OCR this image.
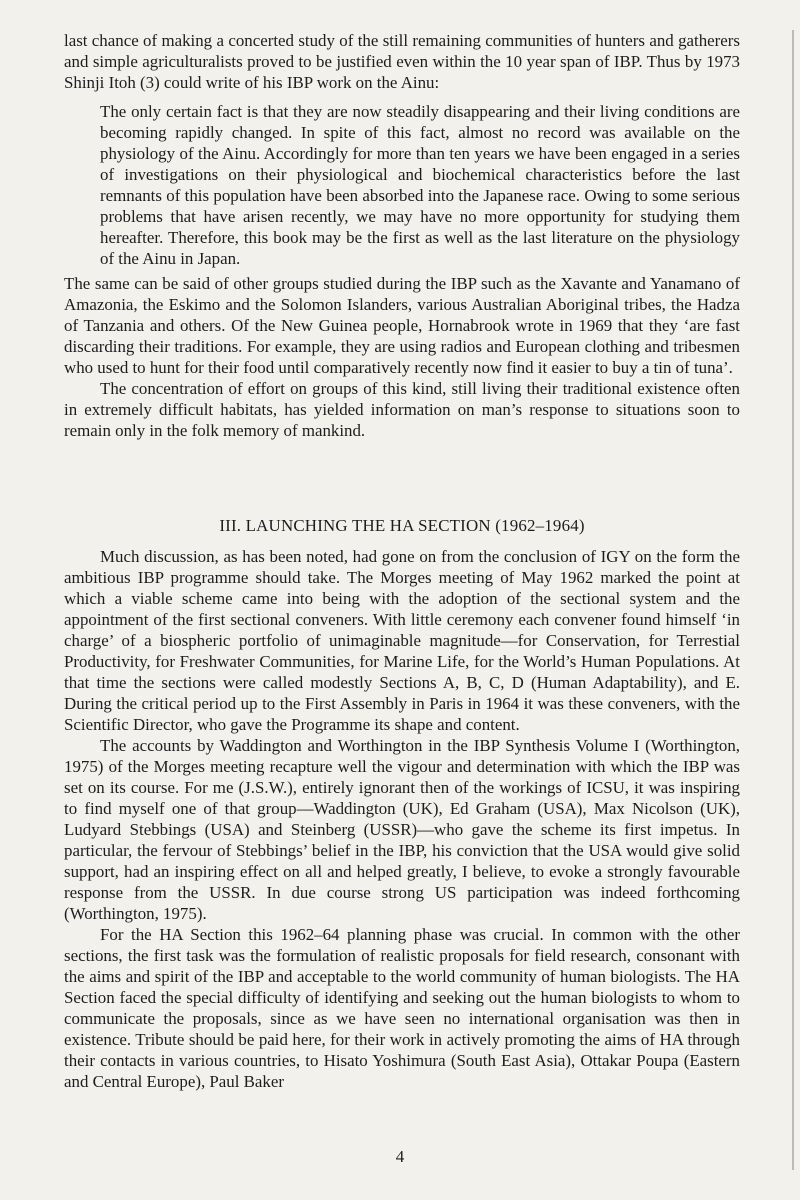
last chance of making a concerted study of the still remaining communities of hunters and gatherers and simple agriculturalists proved to be justified even within the 10 year span of IBP. Thus by 1973 Shinji Itoh (3) could write of his IBP work on the Ainu:

The only certain fact is that they are now steadily disappearing and their living conditions are becoming rapidly changed. In spite of this fact, almost no record was available on the physiology of the Ainu. Accordingly for more than ten years we have been engaged in a series of investigations on their physiological and biochemical characteristics before the last remnants of this population have been absorbed into the Japanese race. Owing to some serious problems that have arisen recently, we may have no more opportunity for studying them hereafter. Therefore, this book may be the first as well as the last literature on the physiology of the Ainu in Japan.

The same can be said of other groups studied during the IBP such as the Xavante and Yanamano of Amazonia, the Eskimo and the Solomon Islanders, various Australian Aboriginal tribes, the Hadza of Tanzania and others. Of the New Guinea people, Hornabrook wrote in 1969 that they ‘are fast discarding their traditions. For example, they are using radios and European clothing and tribesmen who used to hunt for their food until comparatively recently now find it easier to buy a tin of tuna’.

The concentration of effort on groups of this kind, still living their traditional existence often in extremely difficult habitats, has yielded information on man’s response to situations soon to remain only in the folk memory of mankind.

III. LAUNCHING THE HA SECTION (1962–1964)

Much discussion, as has been noted, had gone on from the conclusion of IGY on the form the ambitious IBP programme should take. The Morges meeting of May 1962 marked the point at which a viable scheme came into being with the adoption of the sectional system and the appointment of the first sectional conveners. With little ceremony each convener found himself ‘in charge’ of a biospheric portfolio of unimaginable magnitude—for Conservation, for Terrestial Productivity, for Freshwater Communities, for Marine Life, for the World’s Human Populations. At that time the sections were called modestly Sections A, B, C, D (Human Adaptability), and E. During the critical period up to the First Assembly in Paris in 1964 it was these conveners, with the Scientific Director, who gave the Programme its shape and content.

The accounts by Waddington and Worthington in the IBP Synthesis Volume I (Worthington, 1975) of the Morges meeting recapture well the vigour and determination with which the IBP was set on its course. For me (J.S.W.), entirely ignorant then of the workings of ICSU, it was inspiring to find myself one of that group—Waddington (UK), Ed Graham (USA), Max Nicolson (UK), Ludyard Stebbings (USA) and Steinberg (USSR)—who gave the scheme its first impetus. In particular, the fervour of Stebbings’ belief in the IBP, his conviction that the USA would give solid support, had an inspiring effect on all and helped greatly, I believe, to evoke a strongly favourable response from the USSR. In due course strong US participation was indeed forthcoming (Worthington, 1975).

For the HA Section this 1962–64 planning phase was crucial. In common with the other sections, the first task was the formulation of realistic proposals for field research, consonant with the aims and spirit of the IBP and acceptable to the world community of human biologists. The HA Section faced the special difficulty of identifying and seeking out the human biologists to whom to communicate the proposals, since as we have seen no international organisation was then in existence. Tribute should be paid here, for their work in actively promoting the aims of HA through their contacts in various countries, to Hisato Yoshimura (South East Asia), Ottakar Poupa (Eastern and Central Europe), Paul Baker

4
